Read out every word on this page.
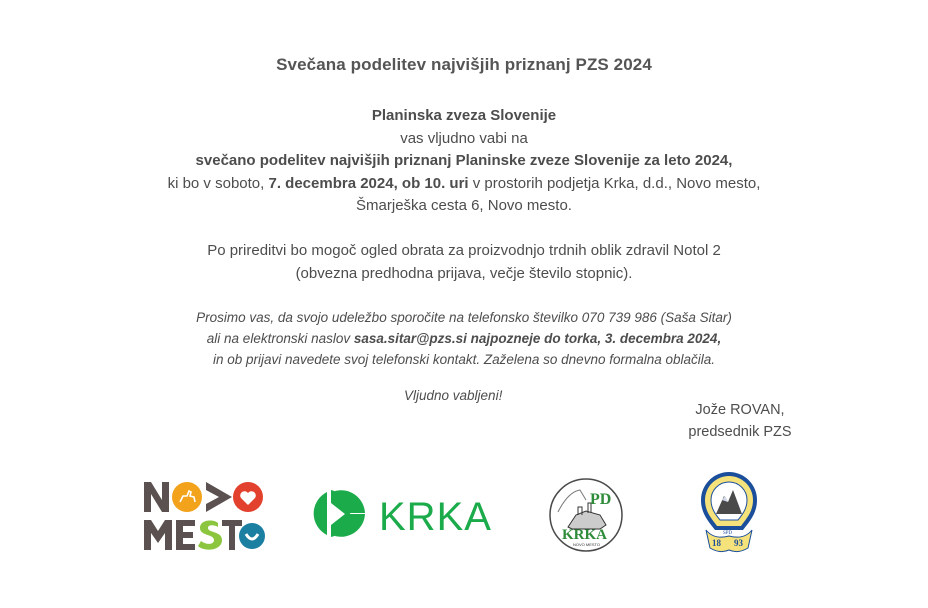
Svečana podelitev najvišjih priznanj PZS 2024
Planinska zveza Slovenije
vas vljudno vabi na
svečano podelitev najvišjih priznanj Planinske zveze Slovenije za leto 2024,
ki bo v soboto, 7. decembra 2024, ob 10. uri v prostorih podjetja Krka, d.d., Novo mesto,
Šmarješka cesta 6, Novo mesto.
Po prireditvi bo mogoč ogled obrata za proizvodnjo trdnih oblik zdravil Notol 2
(obvezna predhodna prijava, večje število stopnic).
Prosimo vas, da svojo udeležbo sporočite na telefonsko številko 070 739 986 (Saša Sitar)
ali na elektronski naslov sasa.sitar@pzs.si najpozneje do torka, 3. decembra 2024,
in ob prijavi navedete svoj telefonski kontakt. Zaželena so dnevno formalna oblačila.
Vljudno vabljeni!
Jože ROVAN,
predsednik PZS
KRKA	PD
KRKA
NOVO MESTO
SPD
18 93
